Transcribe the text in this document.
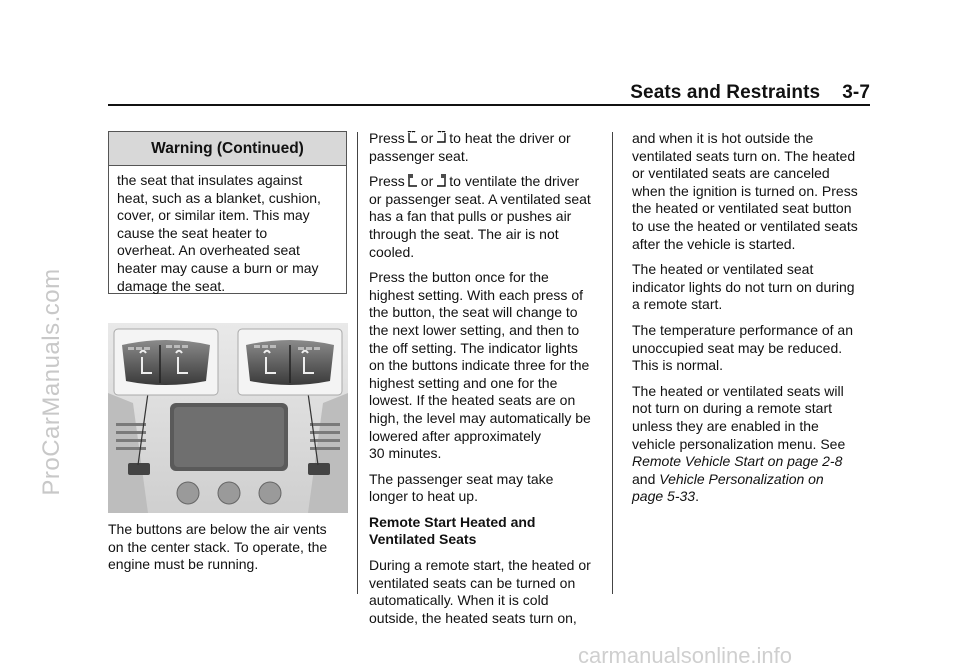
Seats and Restraints 3-7
ProCarManuals.com
carmanualsonline.info
Warning (Continued)
the seat that insulates against
heat, such as a blanket, cushion,
cover, or similar item. This may
cause the seat heater to
overheat. An overheated seat
heater may cause a burn or may
damage the seat.
The buttons are below the air vents
on the center stack. To operate, the
engine must be running.

Press or to heat the driver or
passenger seat.

Press or to ventilate the driver
or passenger seat. A ventilated seat
has a fan that pulls or pushes air
through the seat. The air is not
cooled.

Press the button once for the
highest setting. With each press of
the button, the seat will change to
the next lower setting, and then to
the off setting. The indicator lights
on the buttons indicate three for the
highest setting and one for the
lowest. If the heated seats are on
high, the level may automatically be
lowered after approximately
30 minutes.

The passenger seat may take
longer to heat up.

Remote Start Heated and
Ventilated Seats

During a remote start, the heated or
ventilated seats can be turned on
automatically. When it is cold
outside, the heated seats turn on,

and when it is hot outside the
ventilated seats turn on. The heated
or ventilated seats are canceled
when the ignition is turned on. Press
the heated or ventilated seat button
to use the heated or ventilated seats
after the vehicle is started.

The heated or ventilated seat
indicator lights do not turn on during
a remote start.

The temperature performance of an
unoccupied seat may be reduced.
This is normal.

The heated or ventilated seats will
not turn on during a remote start
unless they are enabled in the
vehicle personalization menu. See
Remote Vehicle Start on page 2-8
and Vehicle Personalization on
page 5-33.
